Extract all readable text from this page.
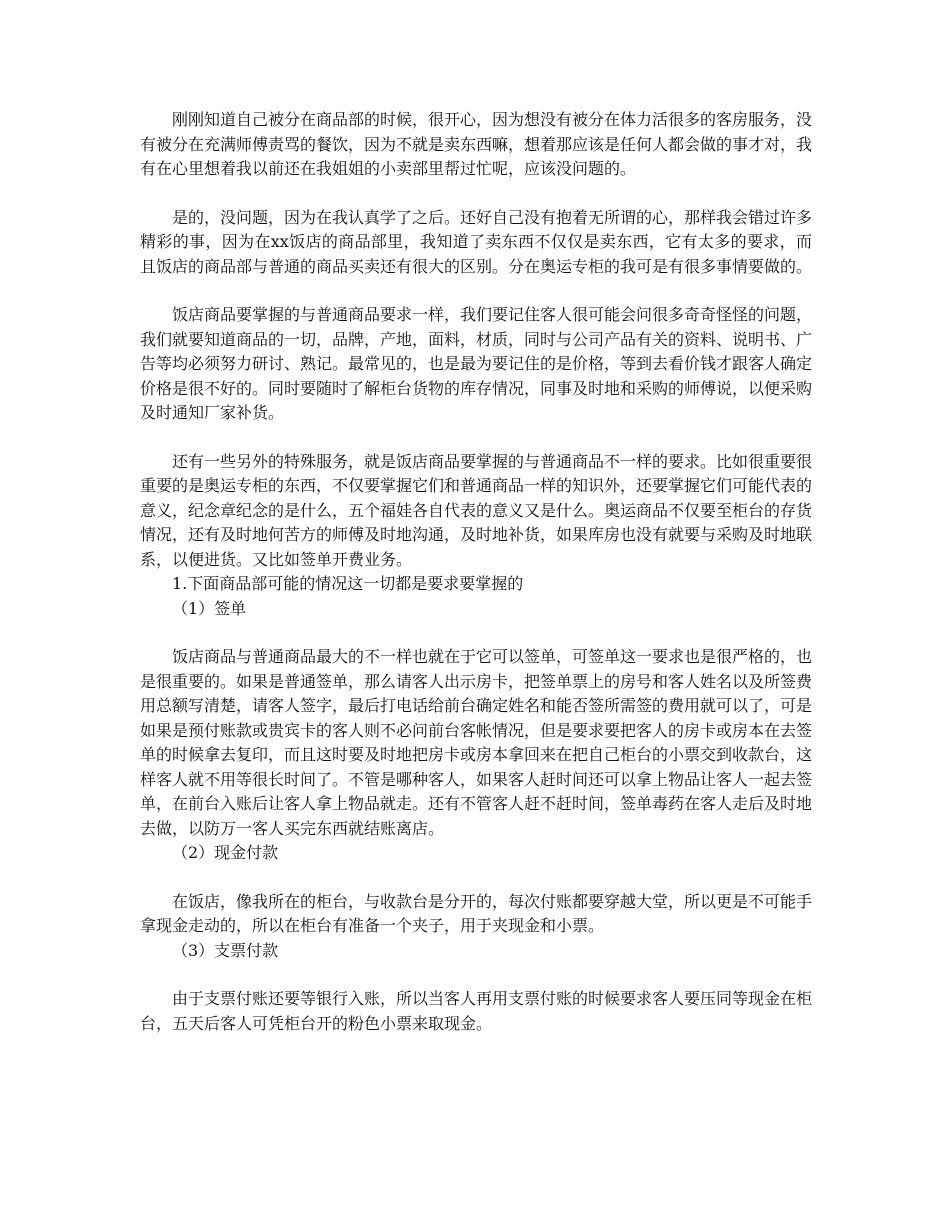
刚刚知道自己被分在商品部的时候，很开心，因为想没有被分在体力活很多的客房服务，没有被分在充满师傅责骂的餐饮，因为不就是卖东西嘛，想着那应该是任何人都会做的事才对，我有在心里想着我以前还在我姐姐的小卖部里帮过忙呢，应该没问题的。

是的，没问题，因为在我认真学了之后。还好自己没有抱着无所谓的心，那样我会错过许多精彩的事，因为在xx饭店的商品部里，我知道了卖东西不仅仅是卖东西，它有太多的要求，而且饭店的商品部与普通的商品买卖还有很大的区别。分在奥运专柜的我可是有很多事情要做的。

饭店商品要掌握的与普通商品要求一样，我们要记住客人很可能会问很多奇奇怪怪的问题，我们就要知道商品的一切，品牌，产地，面料，材质，同时与公司产品有关的资料、说明书、广告等均必须努力研讨、熟记。最常见的，也是最为要记住的是价格，等到去看价钱才跟客人确定价格是很不好的。同时要随时了解柜台货物的库存情况，同事及时地和采购的师傅说，以便采购及时通知厂家补货。

还有一些另外的特殊服务，就是饭店商品要掌握的与普通商品不一样的要求。比如很重要很重要的是奥运专柜的东西，不仅要掌握它们和普通商品一样的知识外，还要掌握它们可能代表的意义，纪念章纪念的是什么，五个福娃各自代表的意义又是什么。奥运商品不仅要至柜台的存货情况，还有及时地何苦方的师傅及时地沟通，及时地补货，如果库房也没有就要与采购及时地联系，以便进货。又比如签单开费业务。

1.下面商品部可能的情况这一切都是要求要掌握的

（1）签单

饭店商品与普通商品最大的不一样也就在于它可以签单，可签单这一要求也是很严格的，也是很重要的。如果是普通签单，那么请客人出示房卡，把签单票上的房号和客人姓名以及所签费用总额写清楚，请客人签字，最后打电话给前台确定姓名和能否签所需签的费用就可以了，可是如果是预付账款或贵宾卡的客人则不必问前台客帐情况，但是要求要把客人的房卡或房本在去签单的时候拿去复印，而且这时要及时地把房卡或房本拿回来在把自己柜台的小票交到收款台，这样客人就不用等很长时间了。不管是哪种客人，如果客人赶时间还可以拿上物品让客人一起去签单，在前台入账后让客人拿上物品就走。还有不管客人赶不赶时间，签单毒药在客人走后及时地去做，以防万一客人买完东西就结账离店。

（2）现金付款

在饭店，像我所在的柜台，与收款台是分开的，每次付账都要穿越大堂，所以更是不可能手拿现金走动的，所以在柜台有准备一个夹子，用于夹现金和小票。

（3）支票付款

由于支票付账还要等银行入账，所以当客人再用支票付账的时候要求客人要压同等现金在柜台，五天后客人可凭柜台开的粉色小票来取现金。
